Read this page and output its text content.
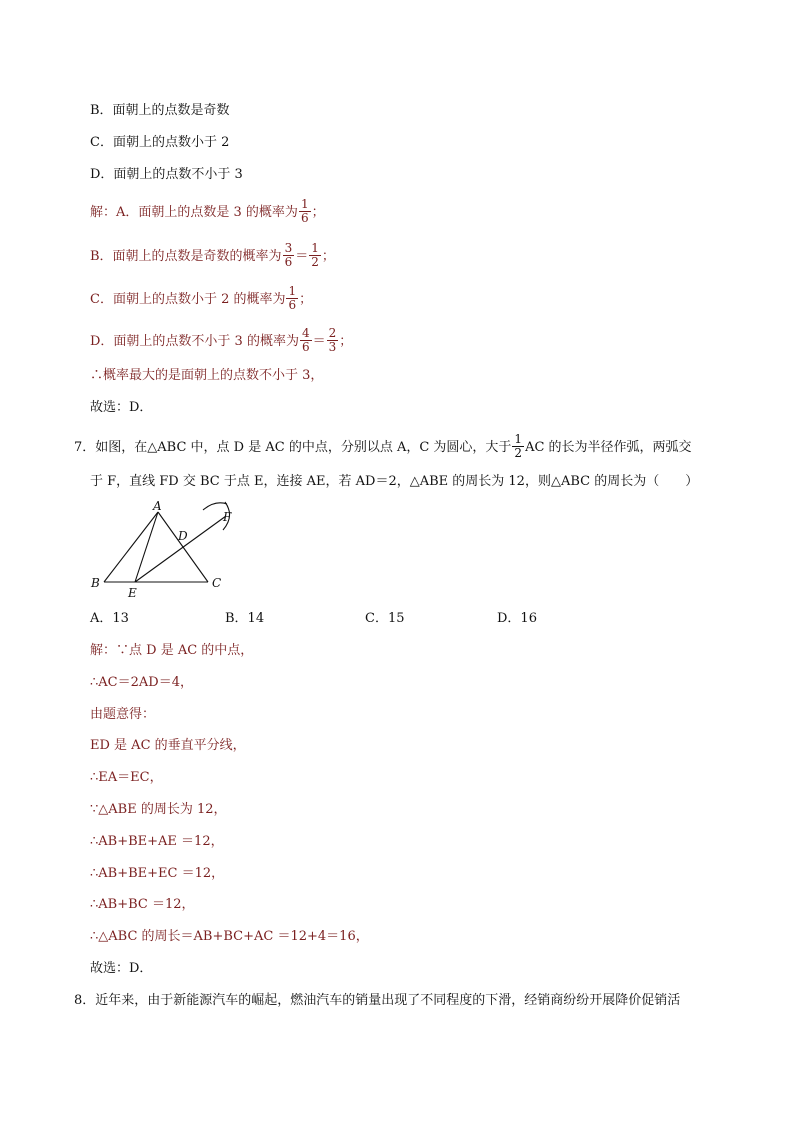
B．面朝上的点数是奇数
C．面朝上的点数小于 2
D．面朝上的点数不小于 3
解：A．面朝上的点数是 3 的概率为 $\frac{1}{6}$ ；
B．面朝上的点数是奇数的概率为 $\frac{3}{6} = \frac{1}{2}$ ；
C．面朝上的点数小于 2 的概率为 $\frac{1}{6}$ ；
D．面朝上的点数不小于 3 的概率为 $\frac{4}{6} = \frac{2}{3}$ ；
∴概率最大的是面朝上的点数不小于 3，
故选：D．
7．如图，在△ABC 中，点 D 是 AC 的中点，分别以点 A，C 为圆心，大于 $\frac{1}{2}$ AC 的长为半径作弧，两弧交
于 F，直线 FD 交 BC 于点 E，连接 AE，若 AD＝2，△ABE 的周长为 12，则△ABC 的周长为（　　）
A
B	C
D
E
F
A．13	B．14	C．15	D．16
解：∵点 D 是 AC 的中点，
∴AC＝2AD＝4，
由题意得：
ED 是 AC 的垂直平分线，
∴EA＝EC，
∵△ABE 的周长为 12，
∴AB+BE+AE ＝12，
∴AB+BE+EC ＝12，
∴AB+BC ＝12，
∴△ABC 的周长＝AB+BC+AC ＝12+4＝16，
故选：D．
8．近年来，由于新能源汽车的崛起，燃油汽车的销量出现了不同程度的下滑，经销商纷纷开展降价促销活
